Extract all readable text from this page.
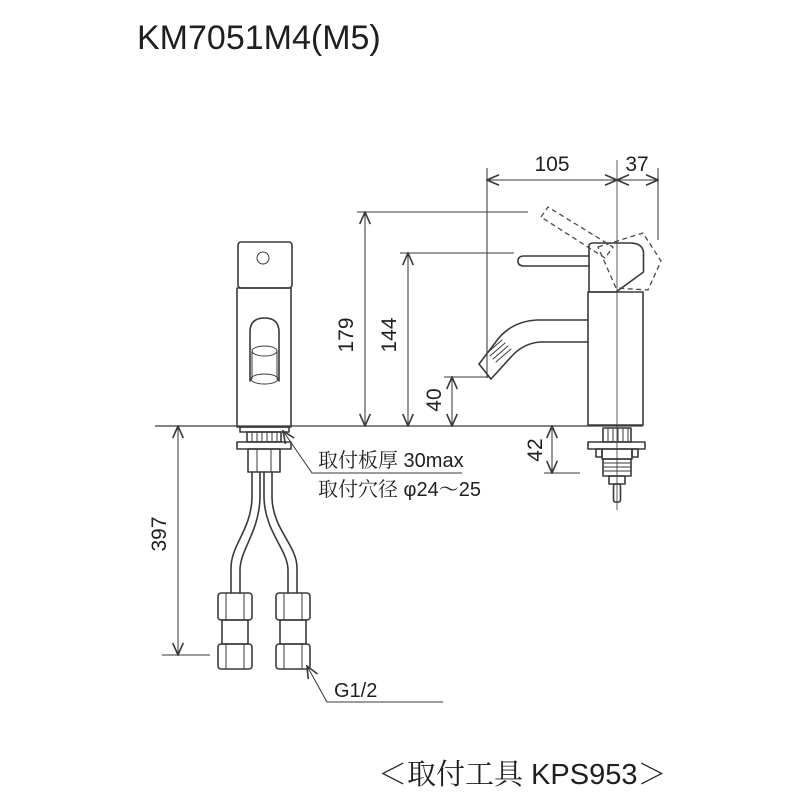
KM7051M4(M5)
105	37
179 144
40
397
42
取付板厚 30max
取付穴径 φ24～25
G1/2
＜取付工具 KPS953＞
